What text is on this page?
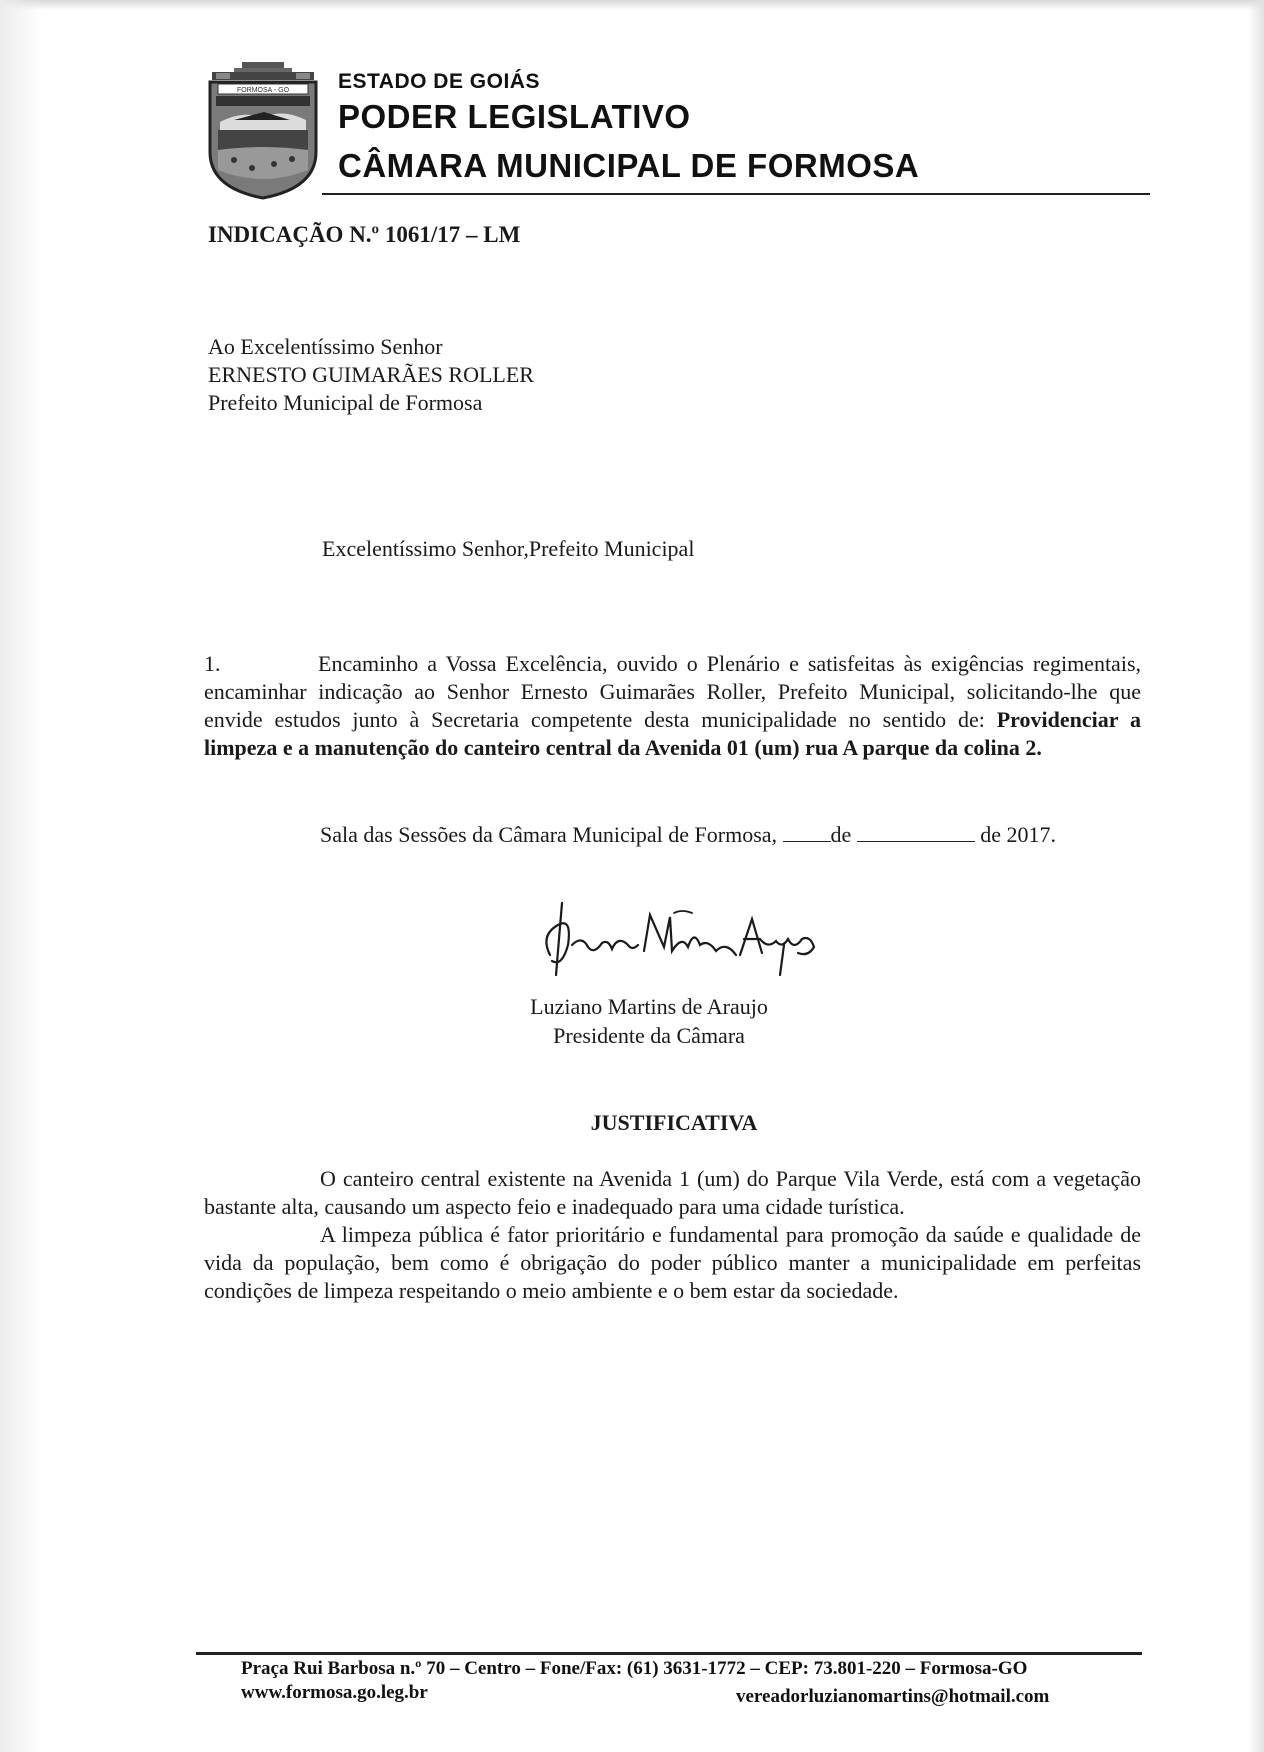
FORMOSA - GO ESTADO DE GOIÁS
PODER LEGISLATIVO
CÂMARA MUNICIPAL DE FORMOSA
INDICAÇÃO N.º 1061/17 – LM
Ao Excelentíssimo Senhor
ERNESTO GUIMARÃES ROLLER
Prefeito Municipal de Formosa
Excelentíssimo Senhor,Prefeito Municipal

1.	Encaminho a Vossa Excelência, ouvido o Plenário e satisfeitas às exigências regimentais, encaminhar indicação ao Senhor Ernesto Guimarães Roller, Prefeito Municipal, solicitando-lhe que envide estudos junto à Secretaria competente desta municipalidade no sentido de: Providenciar a limpeza e a manutenção do canteiro central da Avenida 01 (um) rua A parque da colina 2.

Sala das Sessões da Câmara Municipal de Formosa, de	de 2017.
Luziano Martins de Araujo
Presidente da Câmara
JUSTIFICATIVA

O canteiro central existente na Avenida 1 (um) do Parque Vila Verde, está com a vegetação bastante alta, causando um aspecto feio e inadequado para uma cidade turística.

A limpeza pública é fator prioritário e fundamental para promoção da saúde e qualidade de vida da população, bem como é obrigação do poder público manter a municipalidade em perfeitas condições de limpeza respeitando o meio ambiente e o bem estar da sociedade.

Praça Rui Barbosa n.º 70 – Centro – Fone/Fax: (61) 3631-1772 – CEP: 73.801-220 – Formosa-GO
www.formosa.go.leg.br	vereadorluzianomartins@hotmail.com
